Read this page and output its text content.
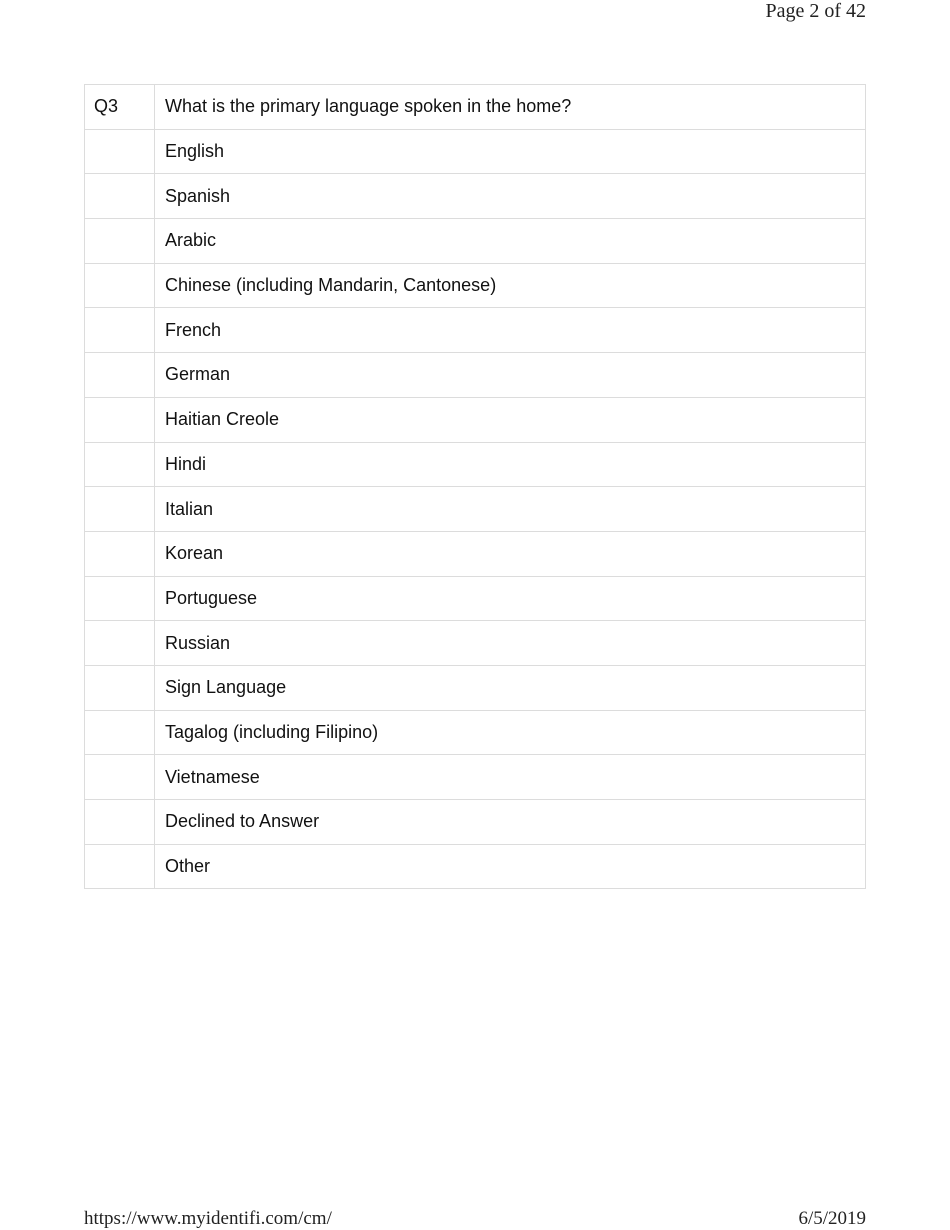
Page 2 of 42
Q3	What is the primary language spoken in the home?
	English
	Spanish
	Arabic
	Chinese (including Mandarin, Cantonese)
	French
	German
	Haitian Creole
	Hindi
	Italian
	Korean
	Portuguese
	Russian
	Sign Language
	Tagalog (including Filipino)
	Vietnamese
	Declined to Answer
	Other
https://www.myidentifi.com/cm/	6/5/2019
